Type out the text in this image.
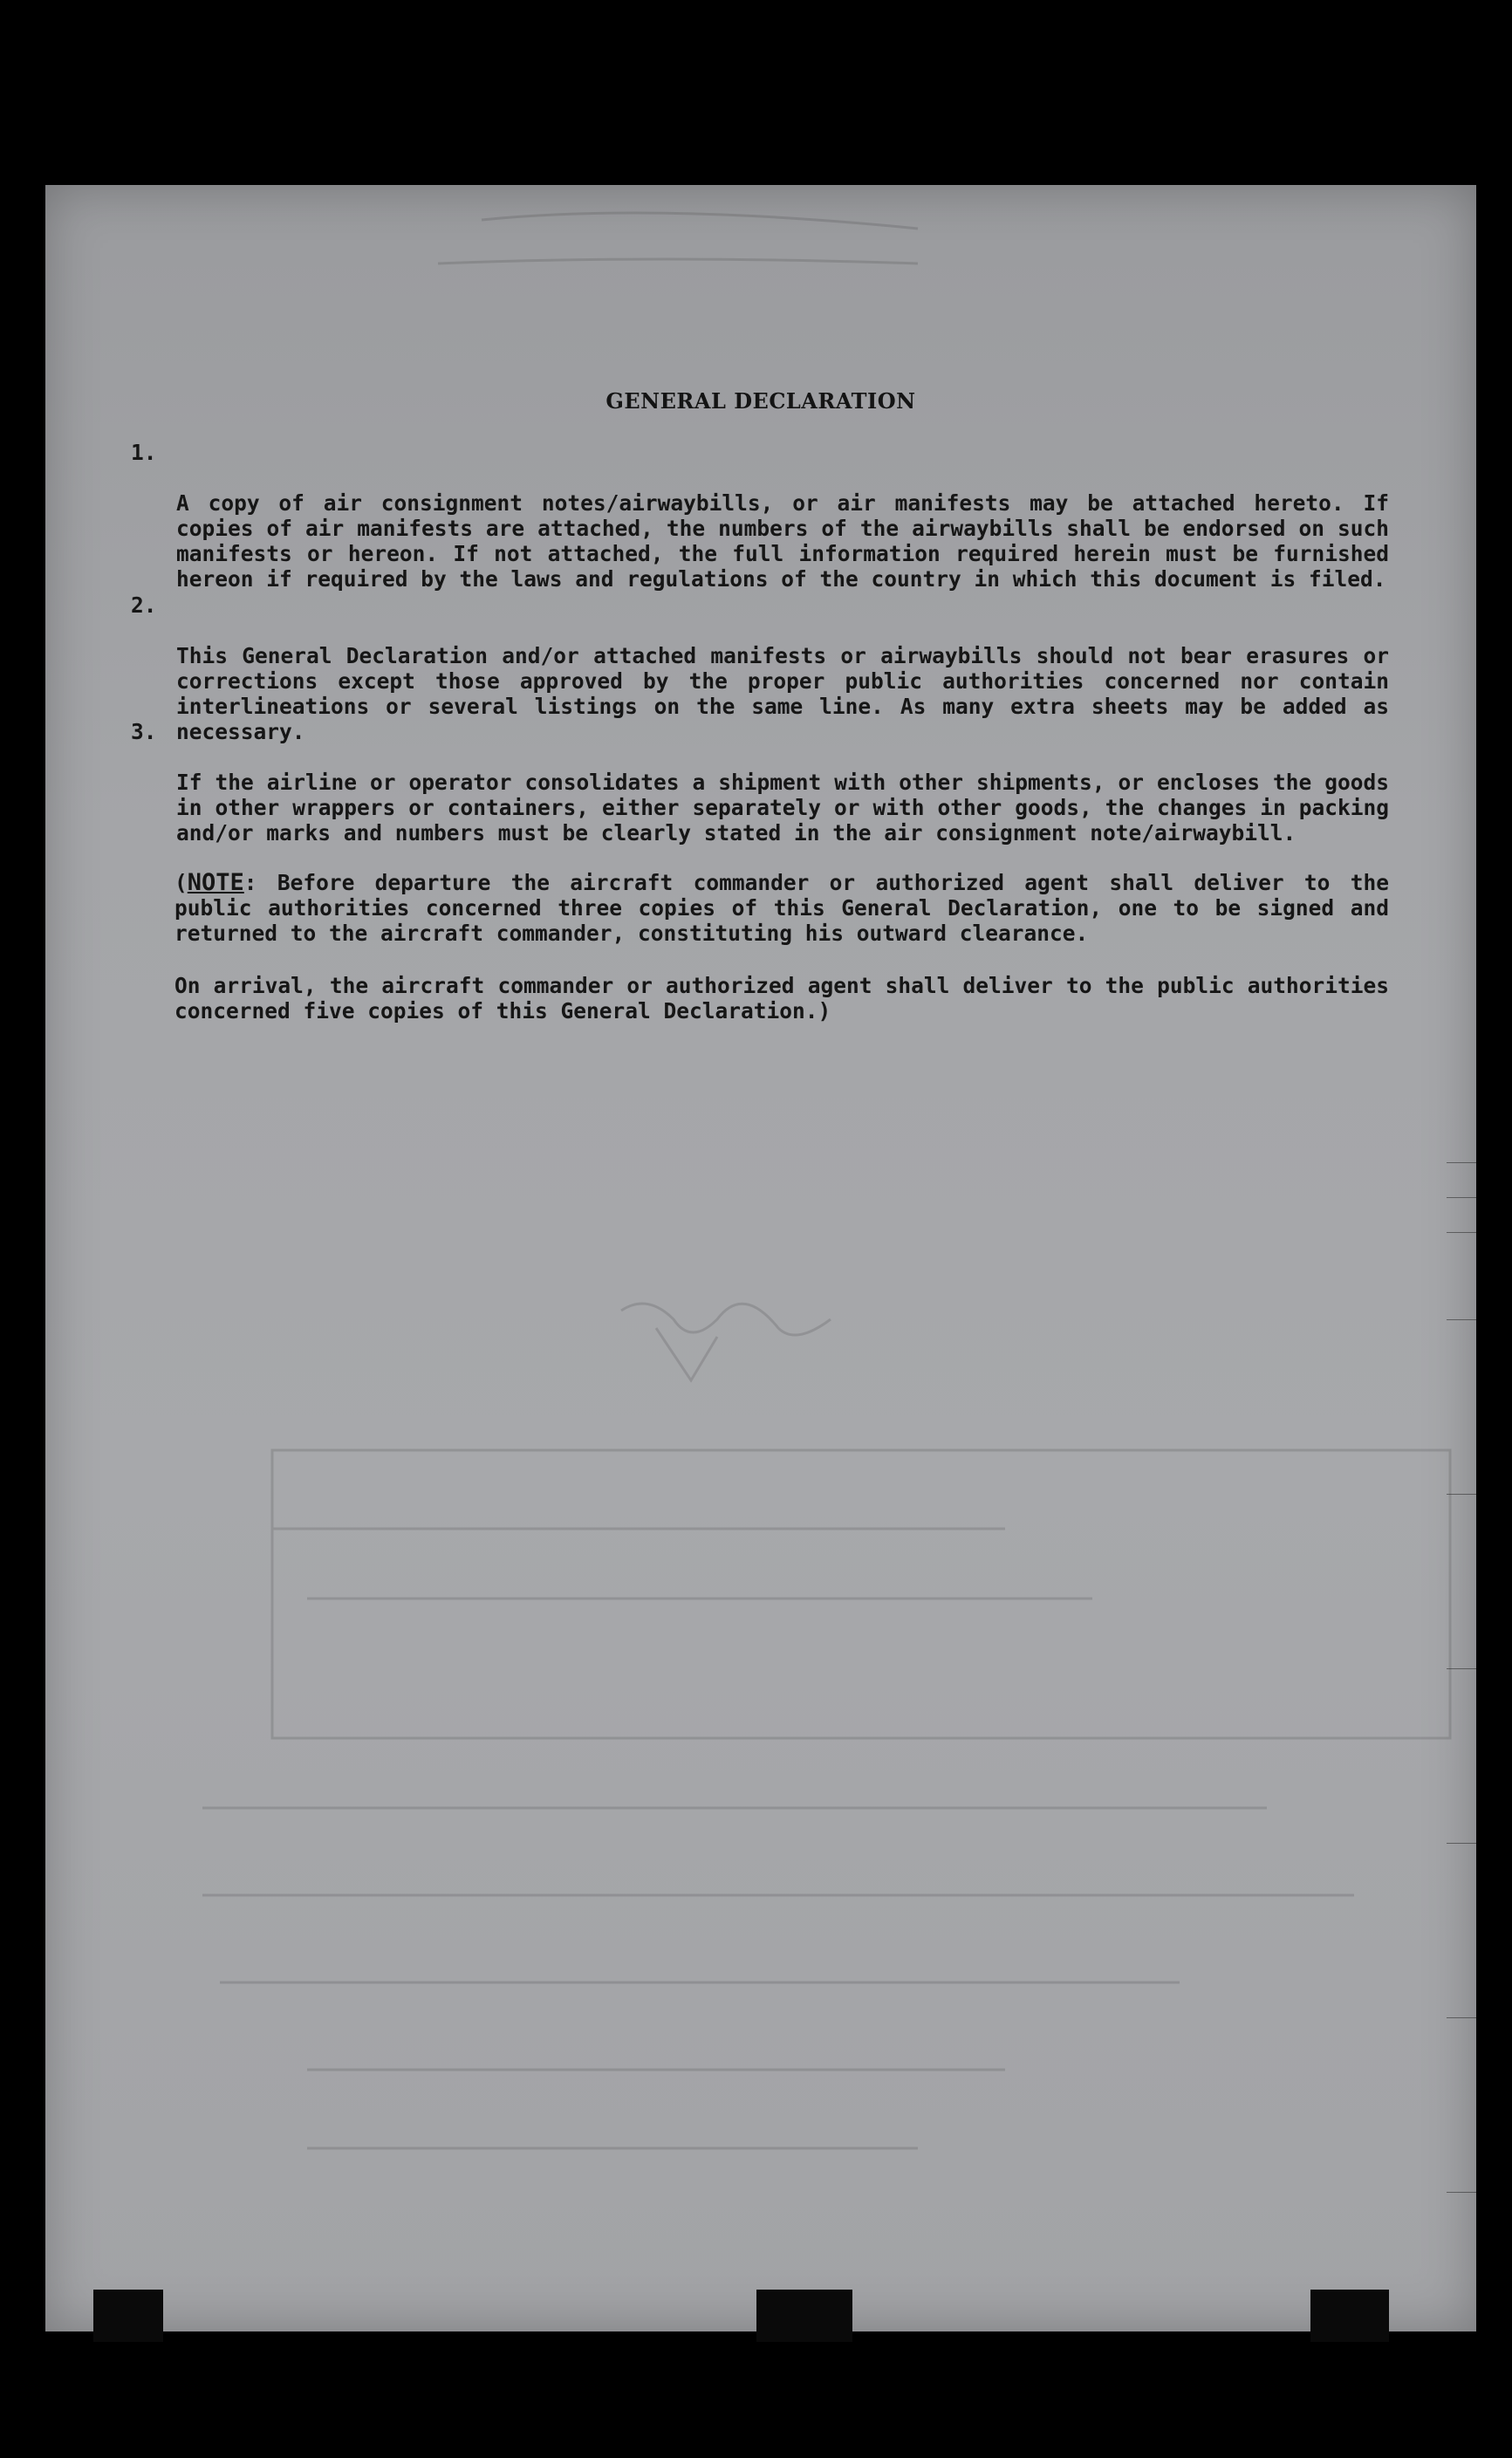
GENERAL DECLARATION

1.

A copy of air consignment notes/airwaybills, or air manifests may be attached hereto. If copies of air manifests are attached, the numbers of the airwaybills shall be endorsed on such manifests or hereon. If not attached, the full information required herein must be furnished hereon if required by the laws and regulations of the country in which this document is filed.

2.

This General Declaration and/or attached manifests or airwaybills should not bear erasures or corrections except those approved by the proper public authorities concerned nor contain interlineations or several listings on the same line. As many extra sheets may be added as necessary.

3.

If the airline or operator consolidates a shipment with other shipments, or encloses the goods in other wrappers or containers, either separately or with other goods, the changes in packing and/or marks and numbers must be clearly stated in the air consignment note/airwaybill.

(NOTE: Before departure the aircraft commander or authorized agent shall deliver to the public authorities concerned three copies of this General Declaration, one to be signed and returned to the aircraft commander, constituting his outward clearance.
On arrival, the aircraft commander or authorized agent shall deliver to the public authorities concerned five copies of this General Declaration.)
